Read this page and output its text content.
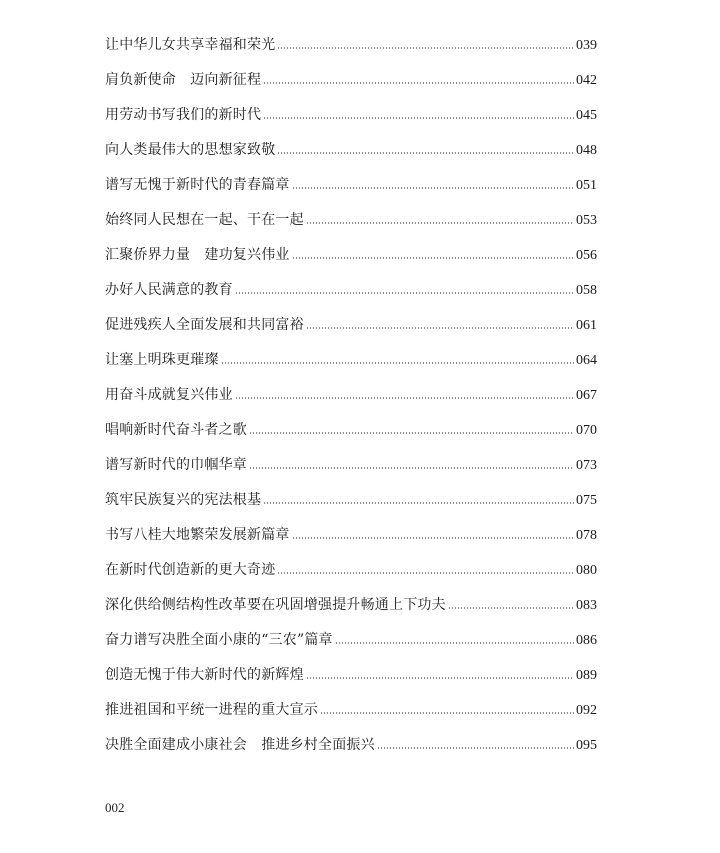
让中华儿女共享幸福和荣光	039
肩负新使命　迈向新征程	042
用劳动书写我们的新时代	045
向人类最伟大的思想家致敬	048
谱写无愧于新时代的青春篇章	051
始终同人民想在一起、干在一起	053
汇聚侨界力量　建功复兴伟业	056
办好人民满意的教育	058
促进残疾人全面发展和共同富裕	061
让塞上明珠更璀璨	064
用奋斗成就复兴伟业	067
唱响新时代奋斗者之歌	070
谱写新时代的巾帼华章	073
筑牢民族复兴的宪法根基	075
书写八桂大地繁荣发展新篇章	078
在新时代创造新的更大奇迹	080
深化供给侧结构性改革要在巩固增强提升畅通上下功夫	083
奋力谱写决胜全面小康的“三农”篇章	086
创造无愧于伟大新时代的新辉煌	089
推进祖国和平统一进程的重大宣示	092
决胜全面建成小康社会　推进乡村全面振兴	095
002
